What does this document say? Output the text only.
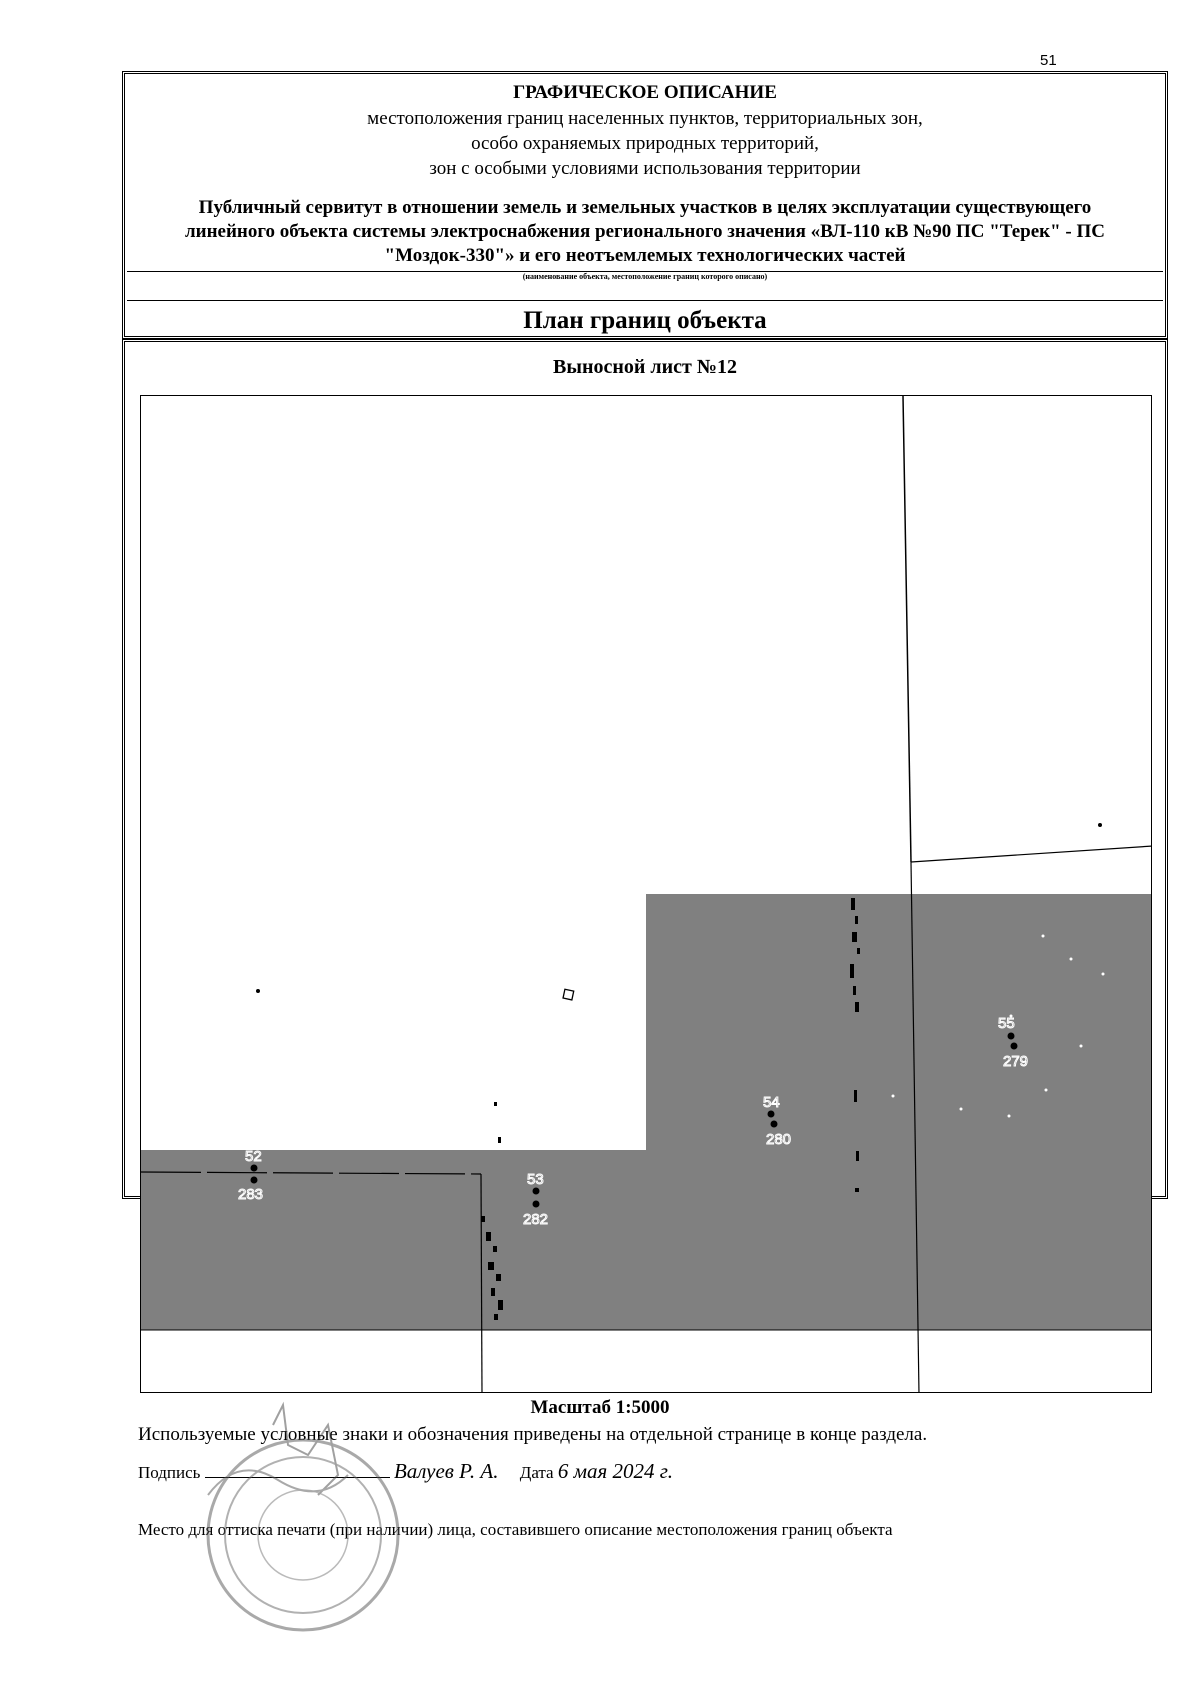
51
ГРАФИЧЕСКОЕ ОПИСАНИЕ
местоположения границ населенных пунктов, территориальных зон,
особо охраняемых природных территорий,
зон с особыми условиями использования территории
Публичный сервитут в отношении земель и земельных участков в целях эксплуатации существующего линейного объекта системы электроснабжения регионального значения «ВЛ-110 кВ №90 ПС "Терек" - ПС "Моздок-330"» и его неотъемлемых технологических частей
(наименование объекта, местоположение границ которого описано)
План границ объекта
Выносной лист №12
52
283
53
282
54
280
55
279
Масштаб 1:5000
Используемые условные знаки и обозначения приведены на отдельной странице в конце раздела.
Подпись	Валуев Р. А. Дата 6 мая 2024 г.
Место для оттиска печати (при наличии) лица, составившего описание местоположения границ объекта
